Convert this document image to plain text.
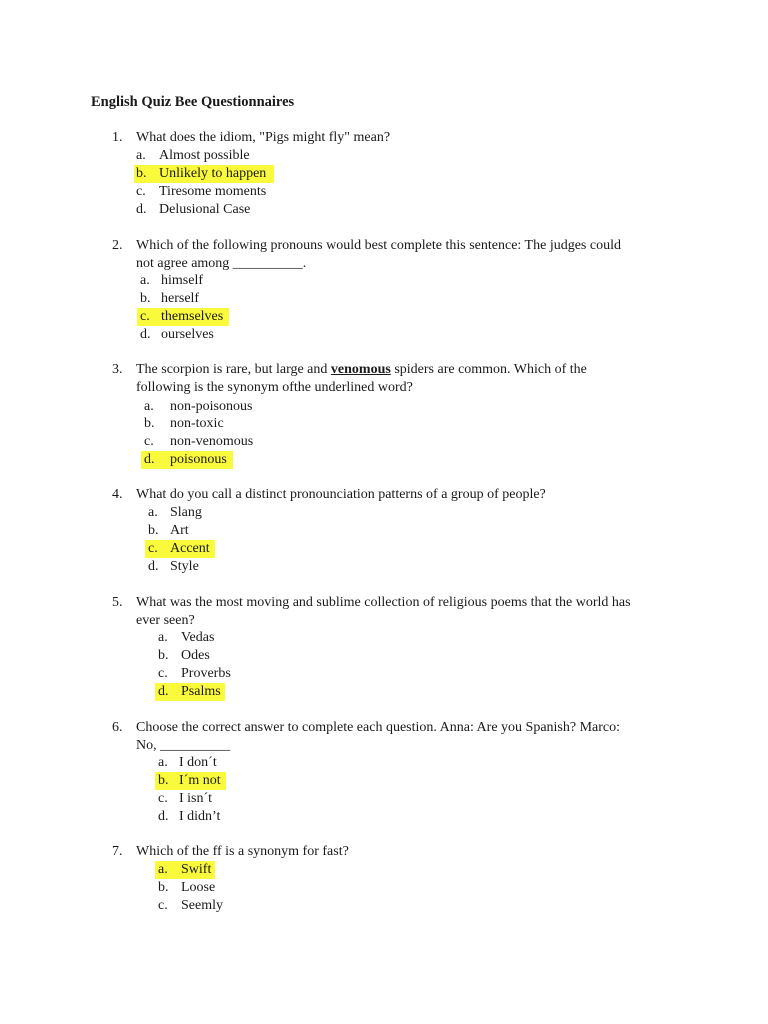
English Quiz Bee Questionnaires
1. What does the idiom, "Pigs might fly" mean?
a. Almost possible
b. Unlikely to happen
c. Tiresome moments
d. Delusional Case
2. Which of the following pronouns would best complete this sentence: The judges could
not agree among __________.
a. himself
b. herself
c. themselves
d. ourselves
3. The scorpion is rare, but large and venomous spiders are common. Which of the
following is the synonym ofthe underlined word?
a. non-poisonous
b. non-toxic
c. non-venomous
d. poisonous
4. What do you call a distinct pronounciation patterns of a group of people?
a. Slang
b. Art
c. Accent
d. Style
5. What was the most moving and sublime collection of religious poems that the world has
ever seen?
a. Vedas
b. Odes
c. Proverbs
d. Psalms
6. Choose the correct answer to complete each question. Anna: Are you Spanish? Marco:
No, __________
a. I don´t
b. I´m not
c. I isn´t
d. I didn’t
7. Which of the ff is a synonym for fast?
a. Swift
b. Loose
c. Seemly
